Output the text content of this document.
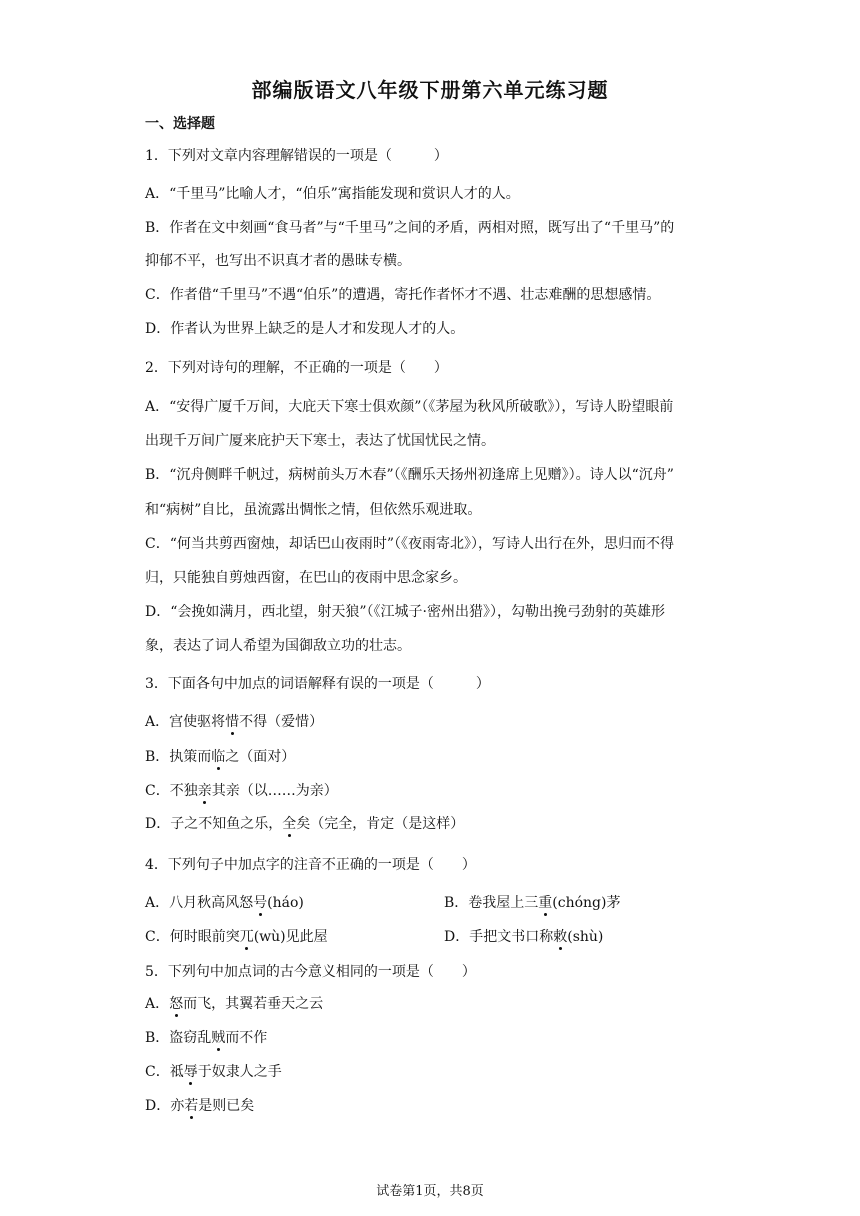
部编版语文八年级下册第六单元练习题
一、选择题
1．下列对文章内容理解错误的一项是（　　　）
A．“千里马”比喻人才，“伯乐”寓指能发现和赏识人才的人。
B．作者在文中刻画“食马者”与“千里马”之间的矛盾，两相对照，既写出了“千里马”的
抑郁不平，也写出不识真才者的愚昧专横。
C．作者借“千里马”不遇“伯乐”的遭遇，寄托作者怀才不遇、壮志难酬的思想感情。
D．作者认为世界上缺乏的是人才和发现人才的人。
2．下列对诗句的理解，不正确的一项是（　　）
A．“安得广厦千万间，大庇天下寒士俱欢颜”（《茅屋为秋风所破歌》），写诗人盼望眼前
出现千万间广厦来庇护天下寒士，表达了忧国忧民之情。
B．“沉舟侧畔千帆过，病树前头万木春”（《酬乐天扬州初逢席上见赠》）。诗人以“沉舟”
和“病树”自比，虽流露出惆怅之情，但依然乐观进取。
C．“何当共剪西窗烛，却话巴山夜雨时”（《夜雨寄北》），写诗人出行在外，思归而不得
归，只能独自剪烛西窗，在巴山的夜雨中思念家乡。
D．“会挽如满月，西北望，射天狼”（《江城子·密州出猎》），勾勒出挽弓劲射的英雄形
象，表达了词人希望为国御敌立功的壮志。
3．下面各句中加点的词语解释有误的一项是（　　　）
A．宫使驱将惜不得（爱惜）
B．执策而临之（面对）
C．不独亲其亲（以……为亲）
D．子之不知鱼之乐，全矣（完全，肯定（是这样）
4．下列句子中加点字的注音不正确的一项是（　　）
A．八月秋高风怒号(háo)	B．卷我屋上三重(chóng)茅
C．何时眼前突兀(wù)见此屋	D．手把文书口称敕(shù)
5．下列句中加点词的古今意义相同的一项是（　　）
A．怒而飞，其翼若垂天之云
B．盗窃乱贼而不作
C．祗辱于奴隶人之手
D．亦若是则已矣
试卷第1页，共8页
